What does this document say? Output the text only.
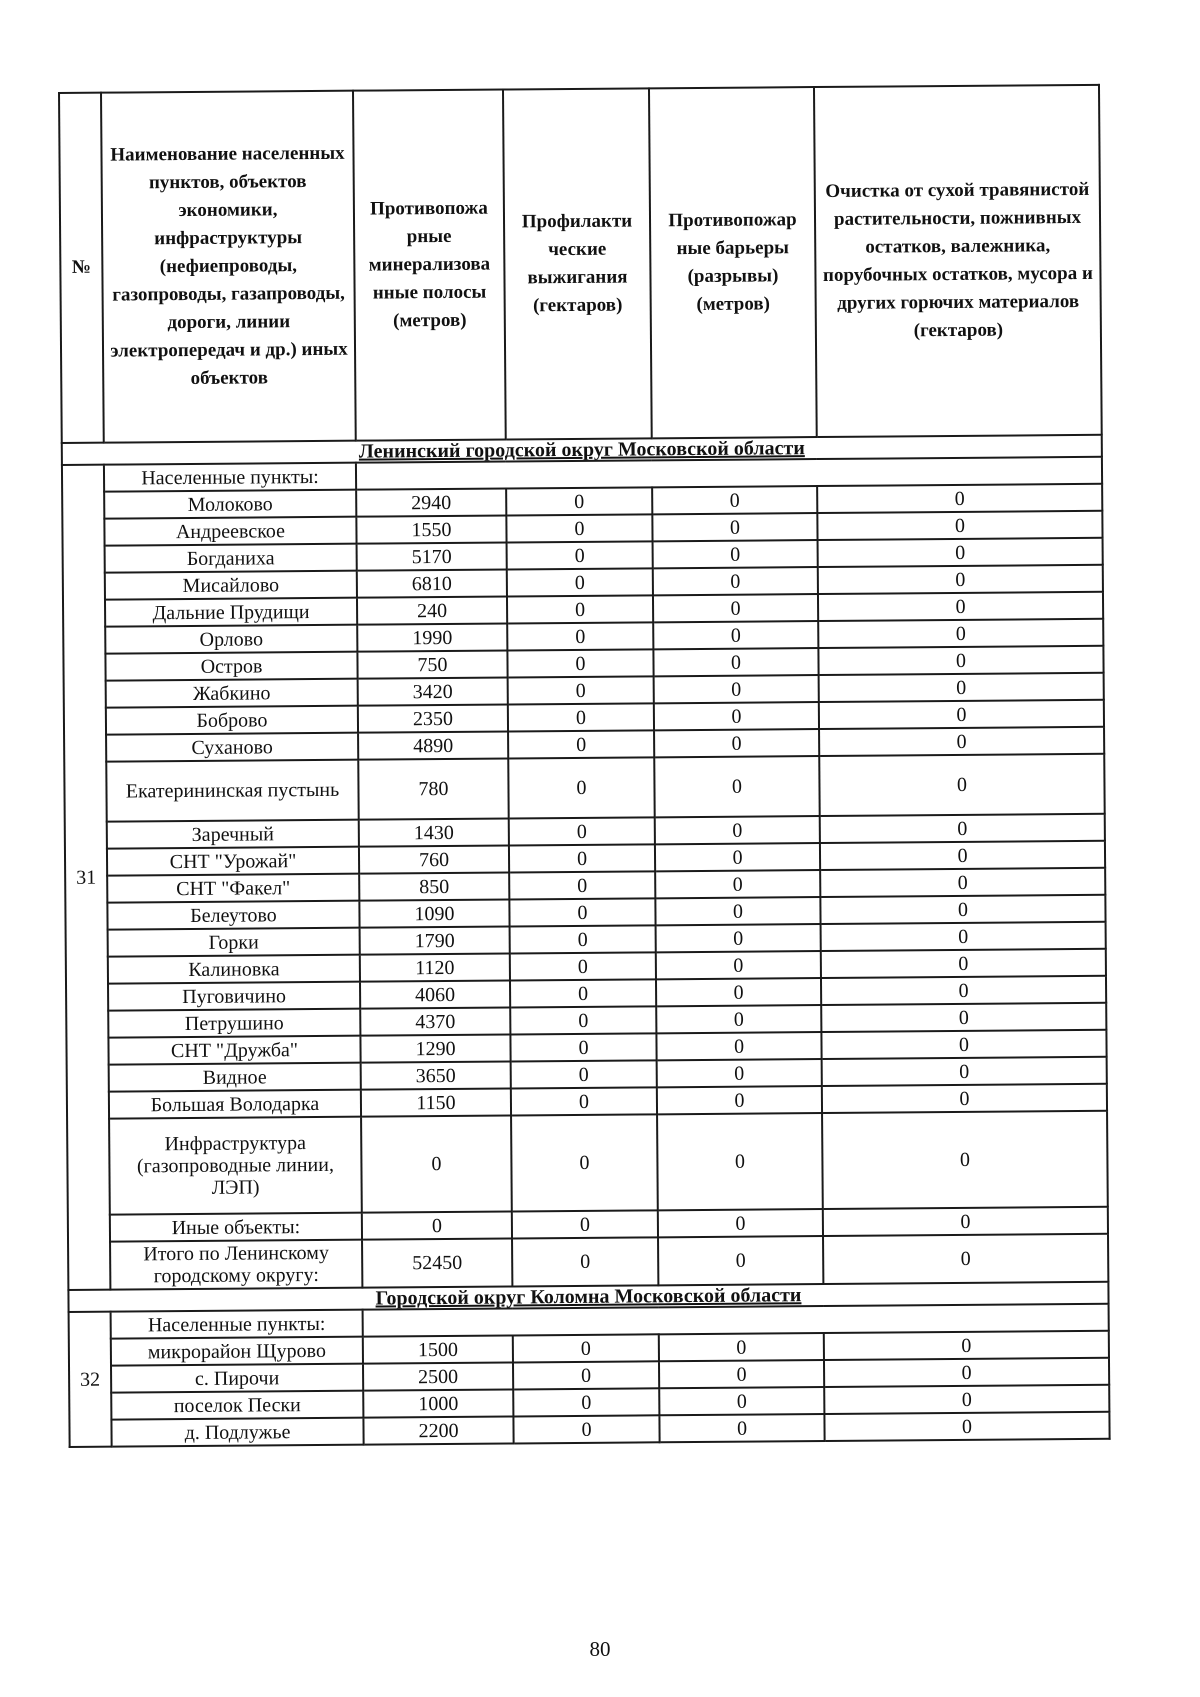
№	Наименование населенных пунктов, объектов экономики, инфраструктуры (нефиепроводы, газопроводы, газапроводы, дороги, линии электропередач и др.) иных объектов	Противопожа рные минерализова нные полосы (метров)	Профилакти ческие выжигания (гектаров)	Противопожар ные барьеры (разрывы) (метров)	Очистка от сухой травянистой растительности, пожнивных остатков, валежника, порубочных остатков, мусора и других горючих материалов (гектаров)
Ленинский городской округ Московской области					
31	Населенные пункты:				
	Молоково	2940	0	0	0
	Андреевское	1550	0	0	0
	Богданиха	5170	0	0	0
	Мисайлово	6810	0	0	0
	Дальние Прудищи	240	0	0	0
	Орлово	1990	0	0	0
	Остров	750	0	0	0
	Жабкино	3420	0	0	0
	Боброво	2350	0	0	0
	Суханово	4890	0	0	0
	Екатерининская пустынь	780	0	0	0
	Заречный	1430	0	0	0
	СНТ "Урожай"	760	0	0	0
	СНТ "Факел"	850	0	0	0
	Белеутово	1090	0	0	0
	Горки	1790	0	0	0
	Калиновка	1120	0	0	0
	Пуговичино	4060	0	0	0
	Петрушино	4370	0	0	0
	СНТ "Дружба"	1290	0	0	0
	Видное	3650	0	0	0
	Большая Володарка	1150	0	0	0
	Инфраструктура (газопроводные линии, ЛЭП)	0	0	0	0
	Иные объекты:	0	0	0	0
	Итого по Ленинскому городскому округу:	52450	0	0	0
Городской округ Коломна Московской области					
32	Населенные пункты:				
	микрорайон Щурово	1500	0	0	0
	с. Пирочи	2500	0	0	0
	поселок Пески	1000	0	0	0
	д. Подлужье	2200	0	0	0
80
